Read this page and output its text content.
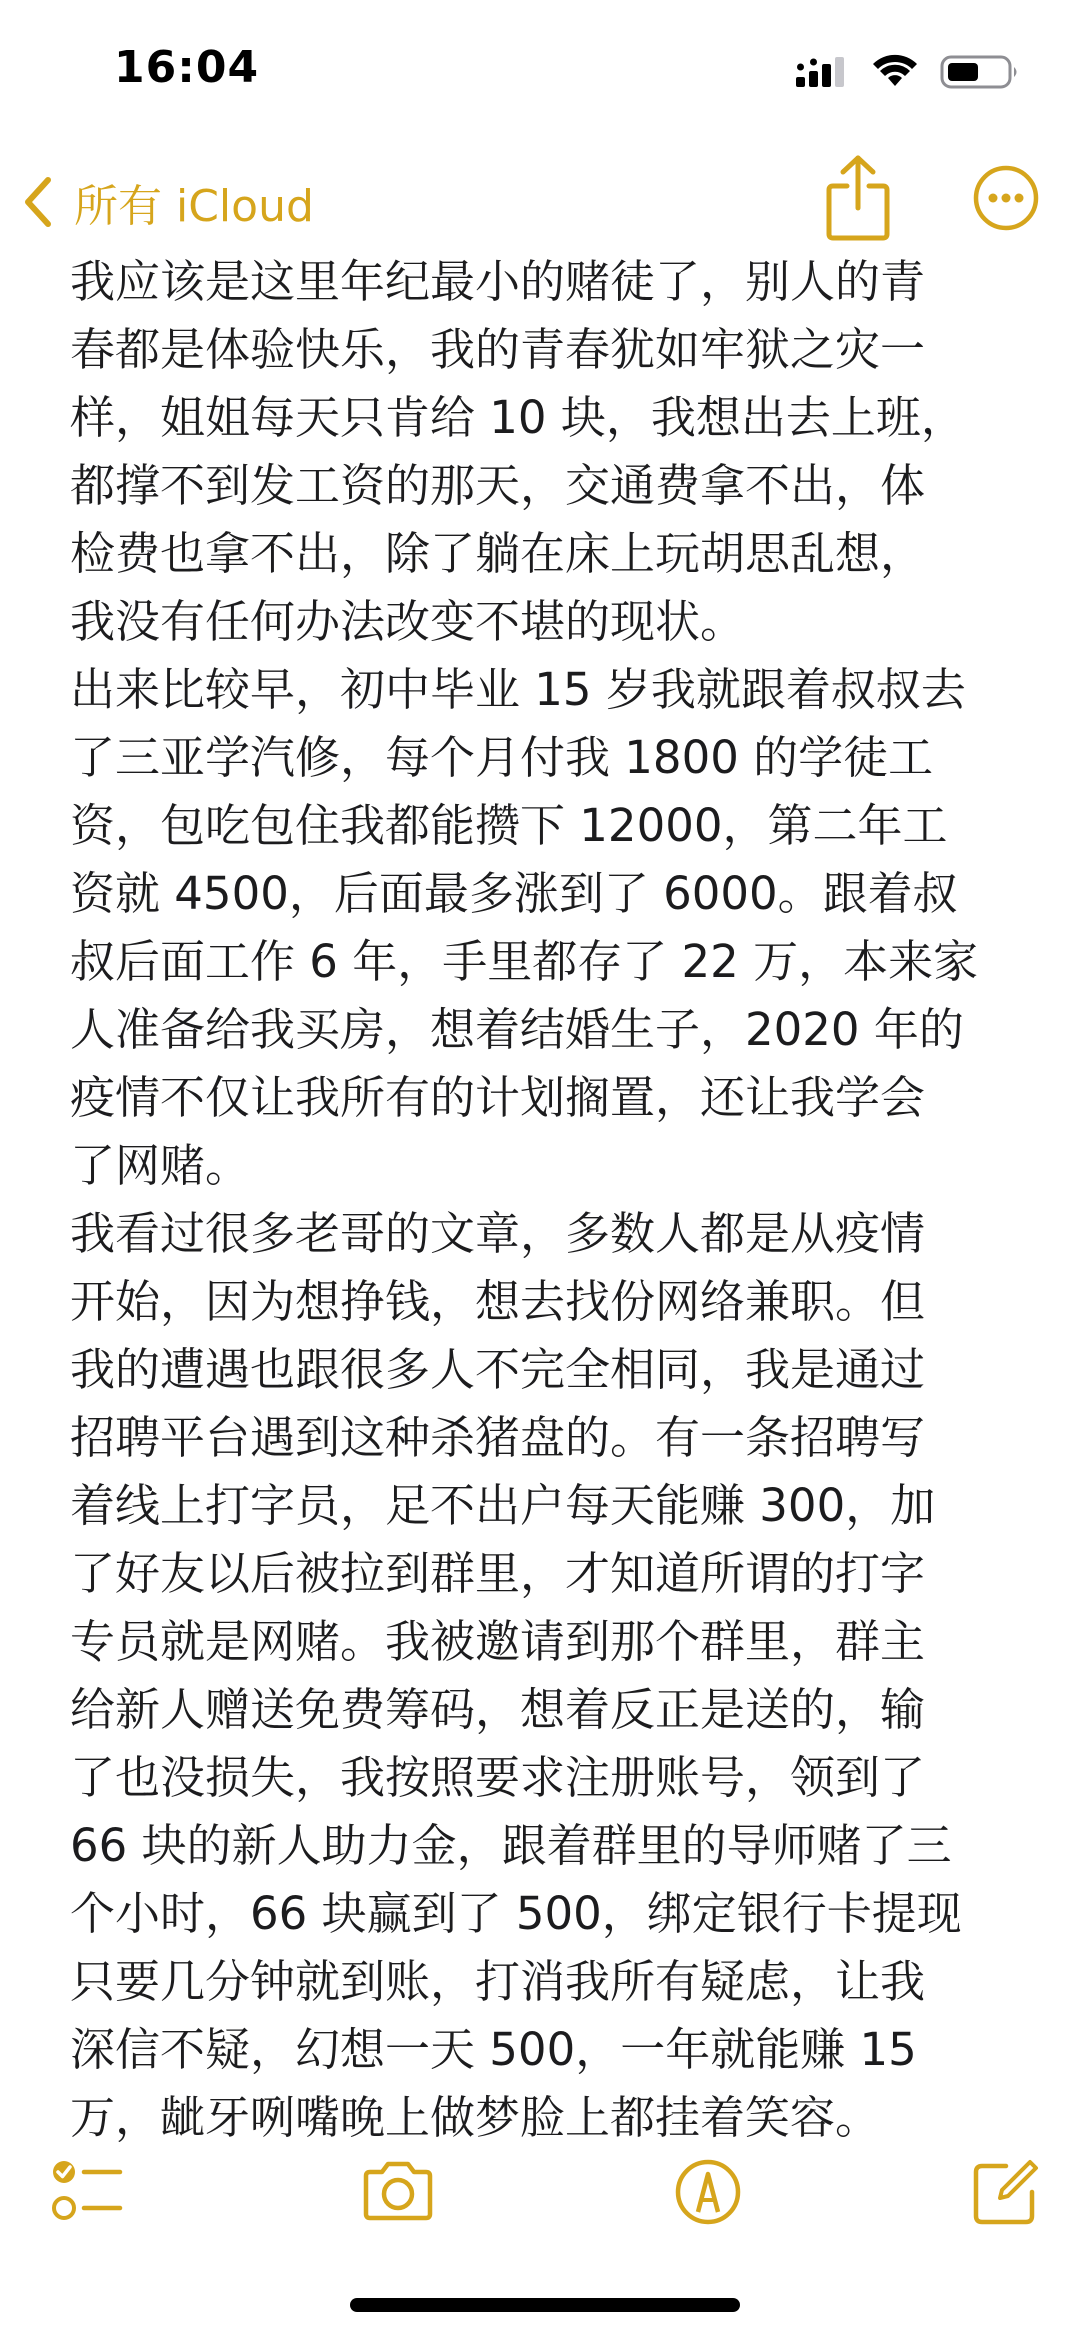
16:04
所有 iCloud
我应该是这里年纪最小的赌徒了，别人的青
春都是体验快乐，我的青春犹如牢狱之灾一
样，姐姐每天只肯给 10 块，我想出去上班，
都撑不到发工资的那天，交通费拿不出，体
检费也拿不出，除了躺在床上玩胡思乱想，
我没有任何办法改变不堪的现状。
出来比较早，初中毕业 15 岁我就跟着叔叔去
了三亚学汽修，每个月付我 1800 的学徒工
资，包吃包住我都能攒下 12000，第二年工
资就 4500，后面最多涨到了 6000。跟着叔
叔后面工作 6 年，手里都存了 22 万，本来家
人准备给我买房，想着结婚生子，2020 年的
疫情不仅让我所有的计划搁置，还让我学会
了网赌。
我看过很多老哥的文章，多数人都是从疫情
开始，因为想挣钱，想去找份网络兼职。但
我的遭遇也跟很多人不完全相同，我是通过
招聘平台遇到这种杀猪盘的。有一条招聘写
着线上打字员，足不出户每天能赚 300，加
了好友以后被拉到群里，才知道所谓的打字
专员就是网赌。我被邀请到那个群里，群主
给新人赠送免费筹码，想着反正是送的，输
了也没损失，我按照要求注册账号，领到了
66 块的新人助力金，跟着群里的导师赌了三
个小时，66 块赢到了 500，绑定银行卡提现
只要几分钟就到账，打消我所有疑虑，让我
深信不疑，幻想一天 500，一年就能赚 15
万，龇牙咧嘴晚上做梦脸上都挂着笑容。
